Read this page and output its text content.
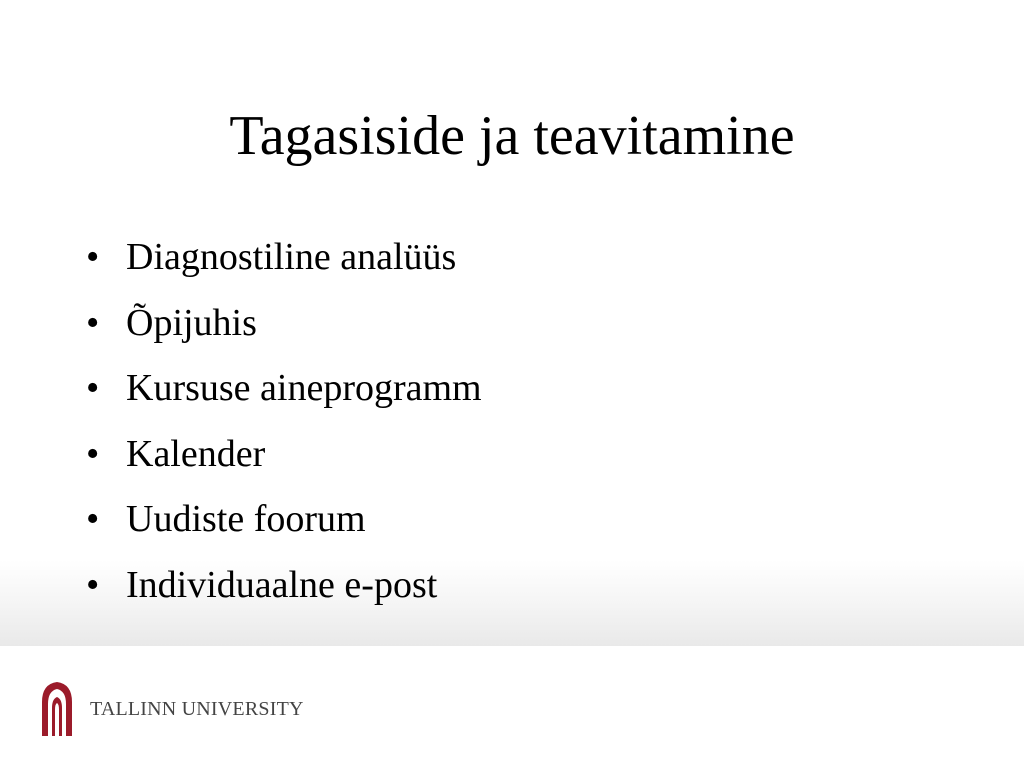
Tagasiside ja teavitamine
• Diagnostiline analüüs
• Õpijuhis
• Kursuse aineprogramm
• Kalender
• Uudiste foorum
• Individuaalne e-post
TALLINN UNIVERSITY
